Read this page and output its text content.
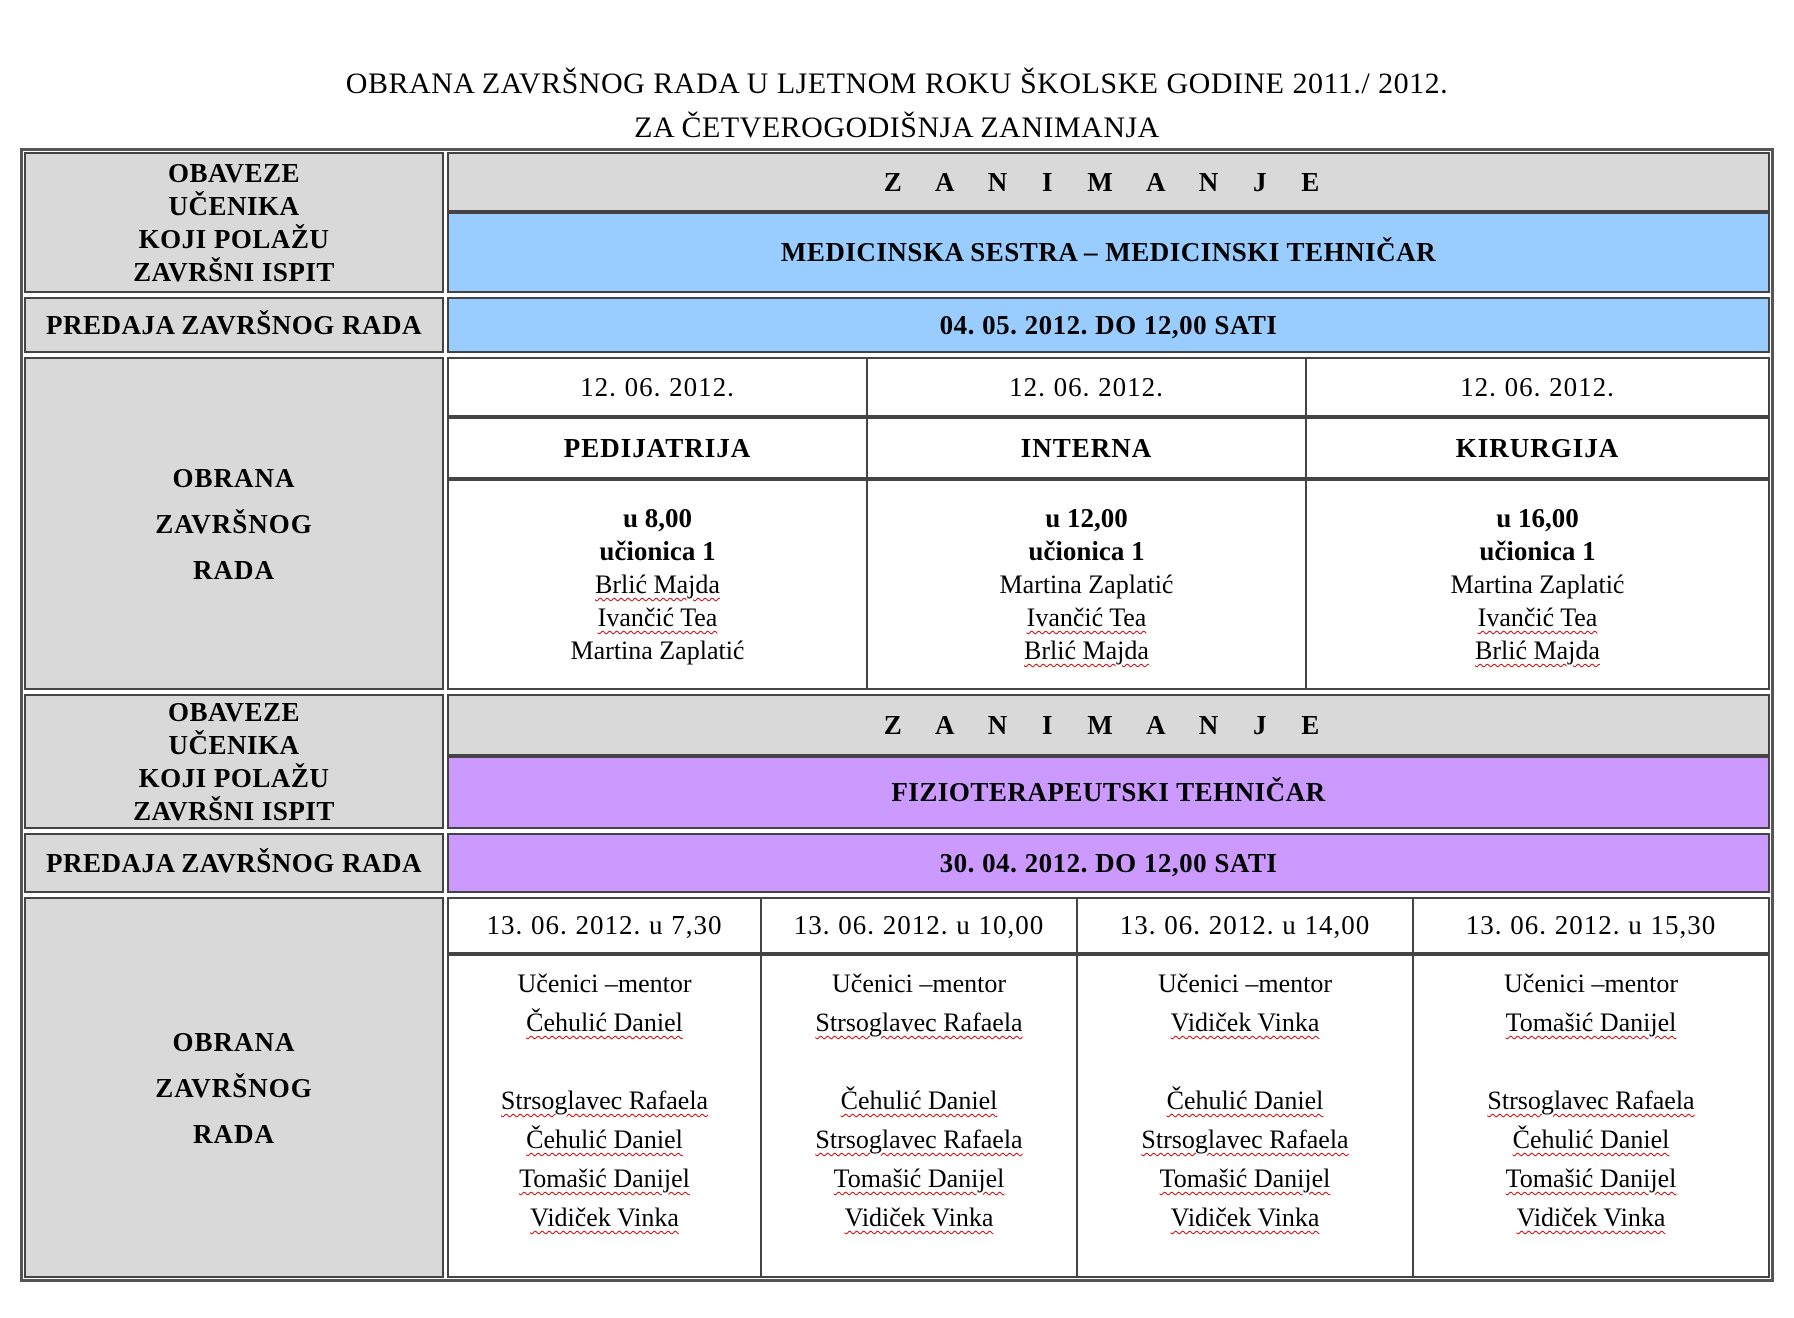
OBRANA ZAVRŠNOG RADA U LJETNOM ROKU ŠKOLSKE GODINE 2011./ 2012.
ZA ČETVEROGODIŠNJA ZANIMANJA
OBAVEZE
UČENIKA
KOJI POLAŽU
ZAVRŠNI ISPIT
Z A N I M A N J E
MEDICINSKA SESTRA – MEDICINSKI TEHNIČAR
PREDAJA ZAVRŠNOG RADA	04. 05. 2012. DO 12,00 SATI
OBRANA
ZAVRŠNOG
RADA
12. 06. 2012.
PEDIJATRIJA
u 8,00
učionica 1
Brlić Majda
Ivančić Tea
Martina Zaplatić
12. 06. 2012.
INTERNA
u 12,00
učionica 1
Martina Zaplatić
Ivančić Tea
Brlić Majda
12. 06. 2012.
KIRURGIJA
u 16,00
učionica 1
Martina Zaplatić
Ivančić Tea
Brlić Majda
OBAVEZE
UČENIKA
KOJI POLAŽU
ZAVRŠNI ISPIT
Z A N I M A N J E
FIZIOTERAPEUTSKI TEHNIČAR
PREDAJA ZAVRŠNOG RADA	30. 04. 2012. DO 12,00 SATI
OBRANA
ZAVRŠNOG
RADA
13. 06. 2012. u 7,30
Učenici –mentor
Čehulić Daniel
Strsoglavec Rafaela
Čehulić Daniel
Tomašić Danijel
Vidiček Vinka
13. 06. 2012. u 10,00
Učenici –mentor
Strsoglavec Rafaela
Čehulić Daniel
Strsoglavec Rafaela
Tomašić Danijel
Vidiček Vinka
13. 06. 2012. u 14,00
Učenici –mentor
Vidiček Vinka
Čehulić Daniel
Strsoglavec Rafaela
Tomašić Danijel
Vidiček Vinka
13. 06. 2012. u 15,30
Učenici –mentor
Tomašić Danijel
Strsoglavec Rafaela
Čehulić Daniel
Tomašić Danijel
Vidiček Vinka
